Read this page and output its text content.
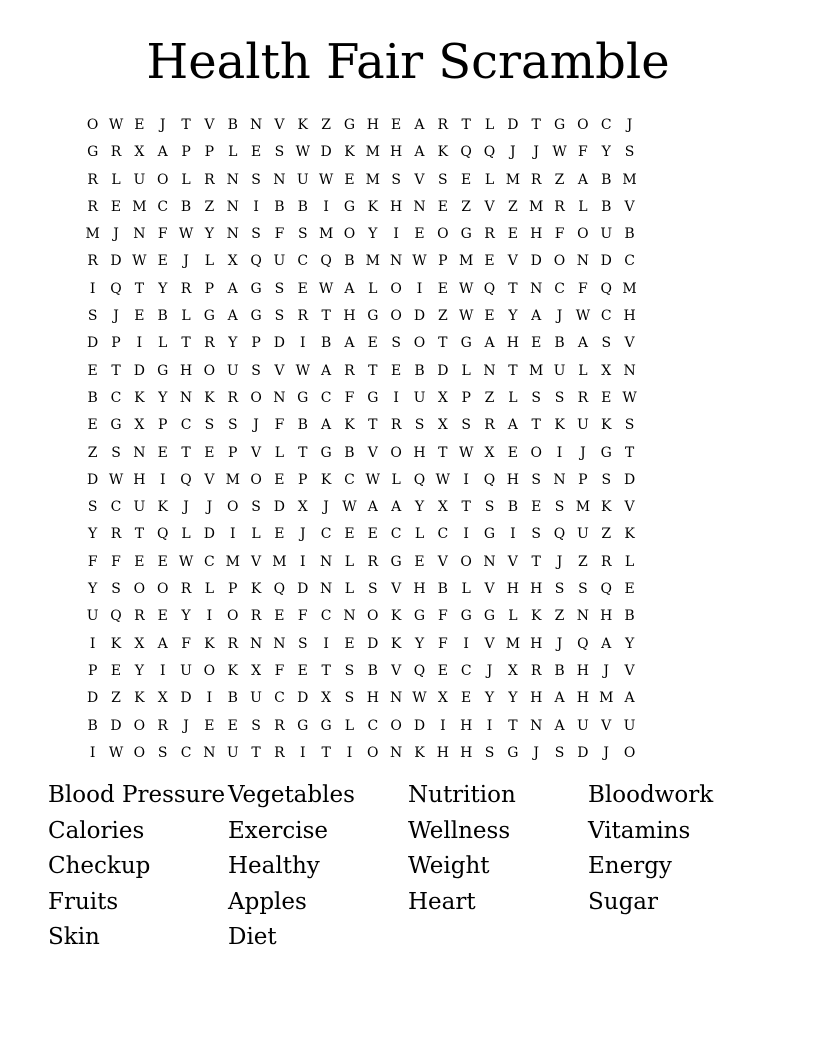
Health Fair Scramble
O W E	J	T V B N V K Z G H E A R T	L D T G O C	J
G R X A P P L E S W D K M H A K Q Q	J	J W F Y S
R L U O L R N S N U W E M S V S E L M R Z A B M
R E M C B Z N	I	B B	I	G K H N E Z V Z M R L B V
M J	N F W Y N S F S M O Y	I	E O G R E H F O U B
R D W E	J	L X Q U C Q B M N W P M E V D O N D C
I	Q T	Y R P A G S E W A L O	I	E W Q T N C F Q M
S	J	E B L G A G S R T H G O D Z W E Y A	J W C H
D P	I	L	T R Y	P D	I	B A E S O T G A H E B A S V
E T D G H O U S V W A R T E B D L N T M U L X N
B C K Y N K R O N G C F G	I	U X P Z L S S R E W
E G X P C S S	J	F B A K T R S X S R A T K U K S
Z S N E T E P V L	T G B V O H T W X E O	I	J	G T
D W H	I	Q V M O E P K C W L Q W I	Q H S N P S D
S C U K	J	J	O S D X	J W A A Y X T S B E S M K V
Y R T Q L D	I	L E	J	C E E C L C	I	G	I	S Q U Z K
F F E E W C M V M I	N L R G E V O N V T	J	Z R L
Y S O O R L P K Q D N L S V H B L V H H S S Q E
U Q R E Y	I	O R E F C N O K G F G G L K Z N H B
I	K X A F K R N N S	I	E D K Y F	I	V M H	J	Q A Y
P E Y	I	U O K X F E T S B V Q E C	J	X R B H	J	V
D Z K X D	I	B U C D X S H N W X E Y	Y H A H M A
B D O R	J	E E S R G G L C O D	I	H	I	T N A U V U
I W O S C N U T R	I	T	I	O N K H H S G	J	S D	J	O
Blood Pressure Vegetables	Nutrition	Bloodwork
Calories	Exercise	Wellness	Vitamins
Checkup	Healthy	Weight	Energy
Fruits	Apples	Heart	Sugar
Skin	Diet
